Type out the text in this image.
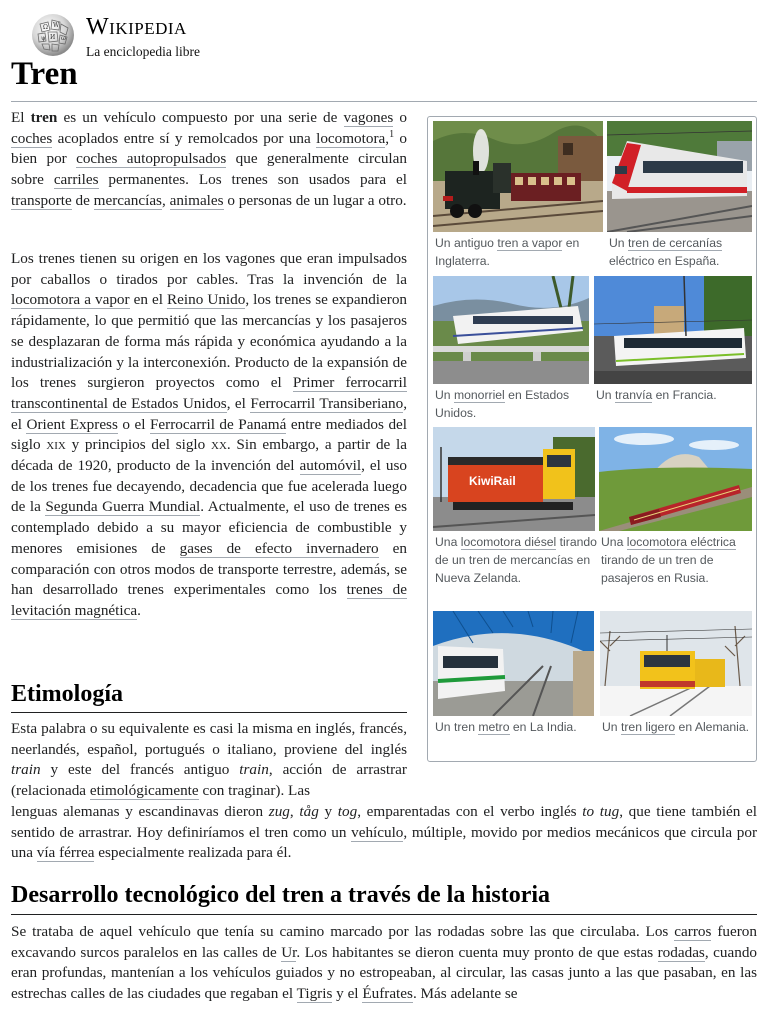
Ω W
И ω
ψ Wikipedia
La enciclopedia libre
Tren

El tren es un vehículo compuesto por una serie de vagones o coches acoplados entre sí y remolcados por una locomotora,$^1$ o bien por coches autopropulsados que generalmente circulan sobre carriles permanentes. Los trenes son usados para el transporte de mercancías, animales o personas de un lugar a otro.

Los trenes tienen su origen en los vagones que eran impulsados por caballos o tirados por cables. Tras la invención de la locomotora a vapor en el Reino Unido, los trenes se expandieron rápidamente, lo que permitió que las mercancías y los pasajeros se desplazaran de forma más rápida y económica ayudando a la industrialización y la interconexión. Producto de la expansión de los trenes surgieron proyectos como el Primer ferrocarril transcontinental de Estados Unidos, el Ferrocarril Transiberiano, el Orient Express o el Ferrocarril de Panamá entre mediados del siglo xix y principios del siglo xx. Sin embargo, a partir de la década de 1920, producto de la invención del automóvil, el uso de los trenes fue decayendo, decadencia que fue acelerada luego de la Segunda Guerra Mundial. Actualmente, el uso de trenes es contemplado debido a su mayor eficiencia de combustible y menores emisiones de gases de efecto invernadero en comparación con otros modos de transporte terrestre, además, se han desarrollado trenes experimentales como los trenes de levitación magnética.

Etimología

Esta palabra o su equivalente es casi la misma en inglés, francés, neerlandés, español, portugués o italiano, proviene del inglés train y este del francés antiguo train, acción de arrastrar (relacionada etimológicamente con traginar). Las

lenguas alemanas y escandinavas dieron zug, tåg y tog, emparentadas con el verbo inglés to tug, que tiene también el sentido de arrastrar. Hoy definiríamos el tren como un vehículo, múltiple, movido por medios mecánicos que circula por una vía férrea especialmente realizada para él.

Desarrollo tecnológico del tren a través de la historia

Se trataba de aquel vehículo que tenía su camino marcado por las rodadas sobre las que circulaba. Los carros fueron excavando surcos paralelos en las calles de Ur. Los habitantes se dieron cuenta muy pronto de que estas rodadas, cuando eran profundas, mantenían a los vehículos guiados y no estropeaban, al circular, las casas junto a las que pasaban, en las estrechas calles de las ciudades que regaban el Tigris y el Éufrates. Más adelante se

Un antiguo tren a vapor en Inglaterra.
Un tren de cercanías eléctrico en España.
Un monorriel en Estados Unidos.
Un tranvía en Francia.
KiwiRail
Una locomotora diésel tirando de un tren de mercancías en Nueva Zelanda.
Una locomotora eléctrica tirando de un tren de pasajeros en Rusia.
Un tren metro en La India.	Un tren ligero en Alemania.
